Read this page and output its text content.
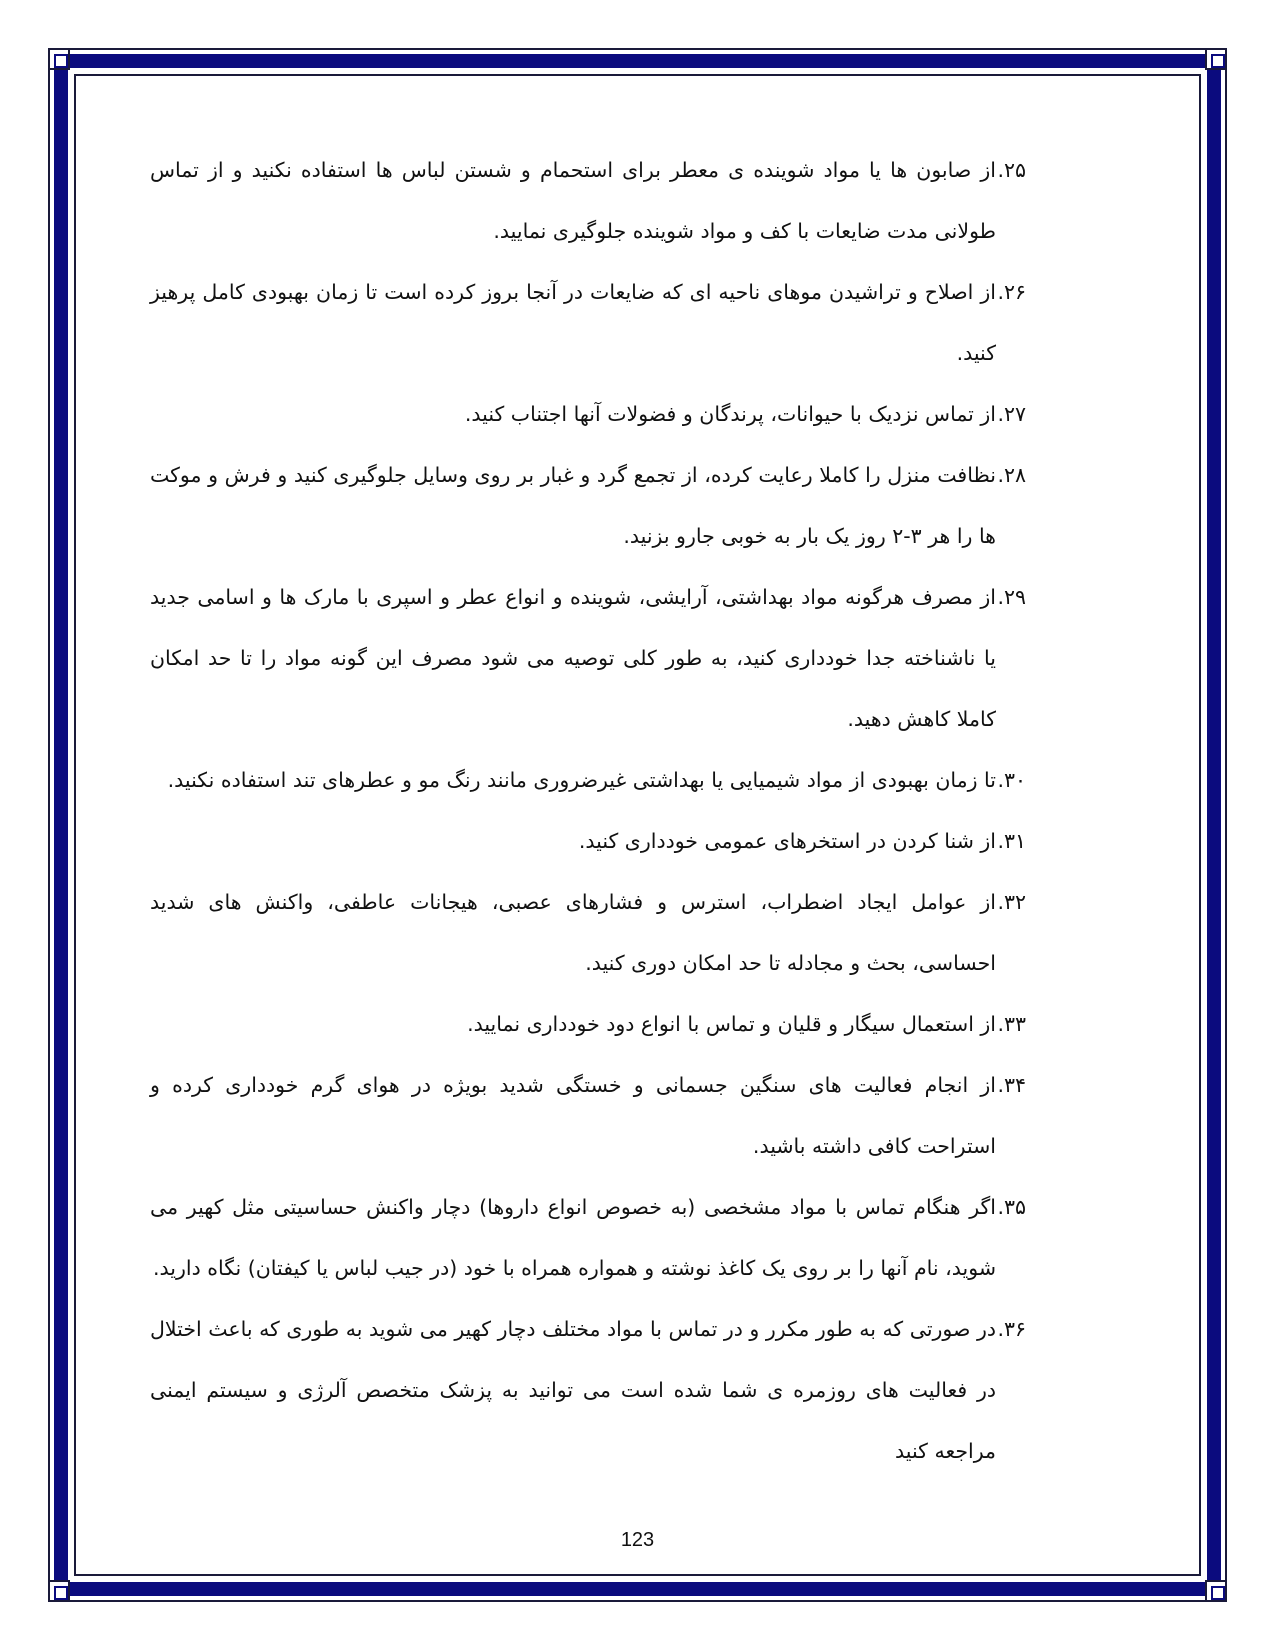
۲۵.
از صابون ها یا مواد شوینده ی معطر برای استحمام و شستن لباس ها استفاده نکنید و از تماس طولانی مدت ضایعات با کف و مواد شوینده جلوگیری نمایید.
۲۶.
از اصلاح و تراشیدن موهای ناحیه ای که ضایعات در آنجا بروز کرده است تا زمان بهبودی کامل پرهیز کنید.
۲۷.
از تماس نزدیک با حیوانات، پرندگان و فضولات آنها اجتناب کنید.
۲۸.
نظافت منزل را کاملا رعایت کرده، از تجمع گرد و غبار بر روی وسایل جلوگیری کنید و فرش و موکت ها را هر ۳-۲ روز یک بار به خوبی جارو بزنید.
۲۹.
از مصرف هرگونه مواد بهداشتی، آرایشی، شوینده و انواع عطر و اسپری با مارک ها و اسامی جدید یا ناشناخته جدا خودداری کنید، به طور کلی توصیه می شود مصرف این گونه مواد را تا حد امکان کاملا کاهش دهید.
۳۰.
تا زمان بهبودی از مواد شیمیایی یا بهداشتی غیرضروری مانند رنگ مو و عطرهای تند استفاده نکنید.
۳۱.
از شنا کردن در استخرهای عمومی خودداری کنید.
۳۲.
از عوامل ایجاد اضطراب، استرس و فشارهای عصبی، هیجانات عاطفی، واکنش های شدید احساسی، بحث و مجادله تا حد امکان دوری کنید.
۳۳.
از استعمال سیگار و قلیان و تماس با انواع دود خودداری نمایید.
۳۴.
از انجام فعالیت های سنگین جسمانی و خستگی شدید بویژه در هوای گرم خودداری کرده و استراحت کافی داشته باشید.
۳۵.
اگر هنگام تماس با مواد مشخصی (به خصوص انواع داروها) دچار واکنش حساسیتی مثل کهیر می شوید، نام آنها را بر روی یک کاغذ نوشته و همواره همراه با خود (در جیب لباس یا کیفتان) نگاه دارید.
۳۶.
در صورتی که به طور مکرر و در تماس با مواد مختلف دچار کهیر می شوید به طوری که باعث اختلال در فعالیت های روزمره ی شما شده است می توانید به پزشک متخصص آلرژی و سیستم ایمنی مراجعه کنید
123
